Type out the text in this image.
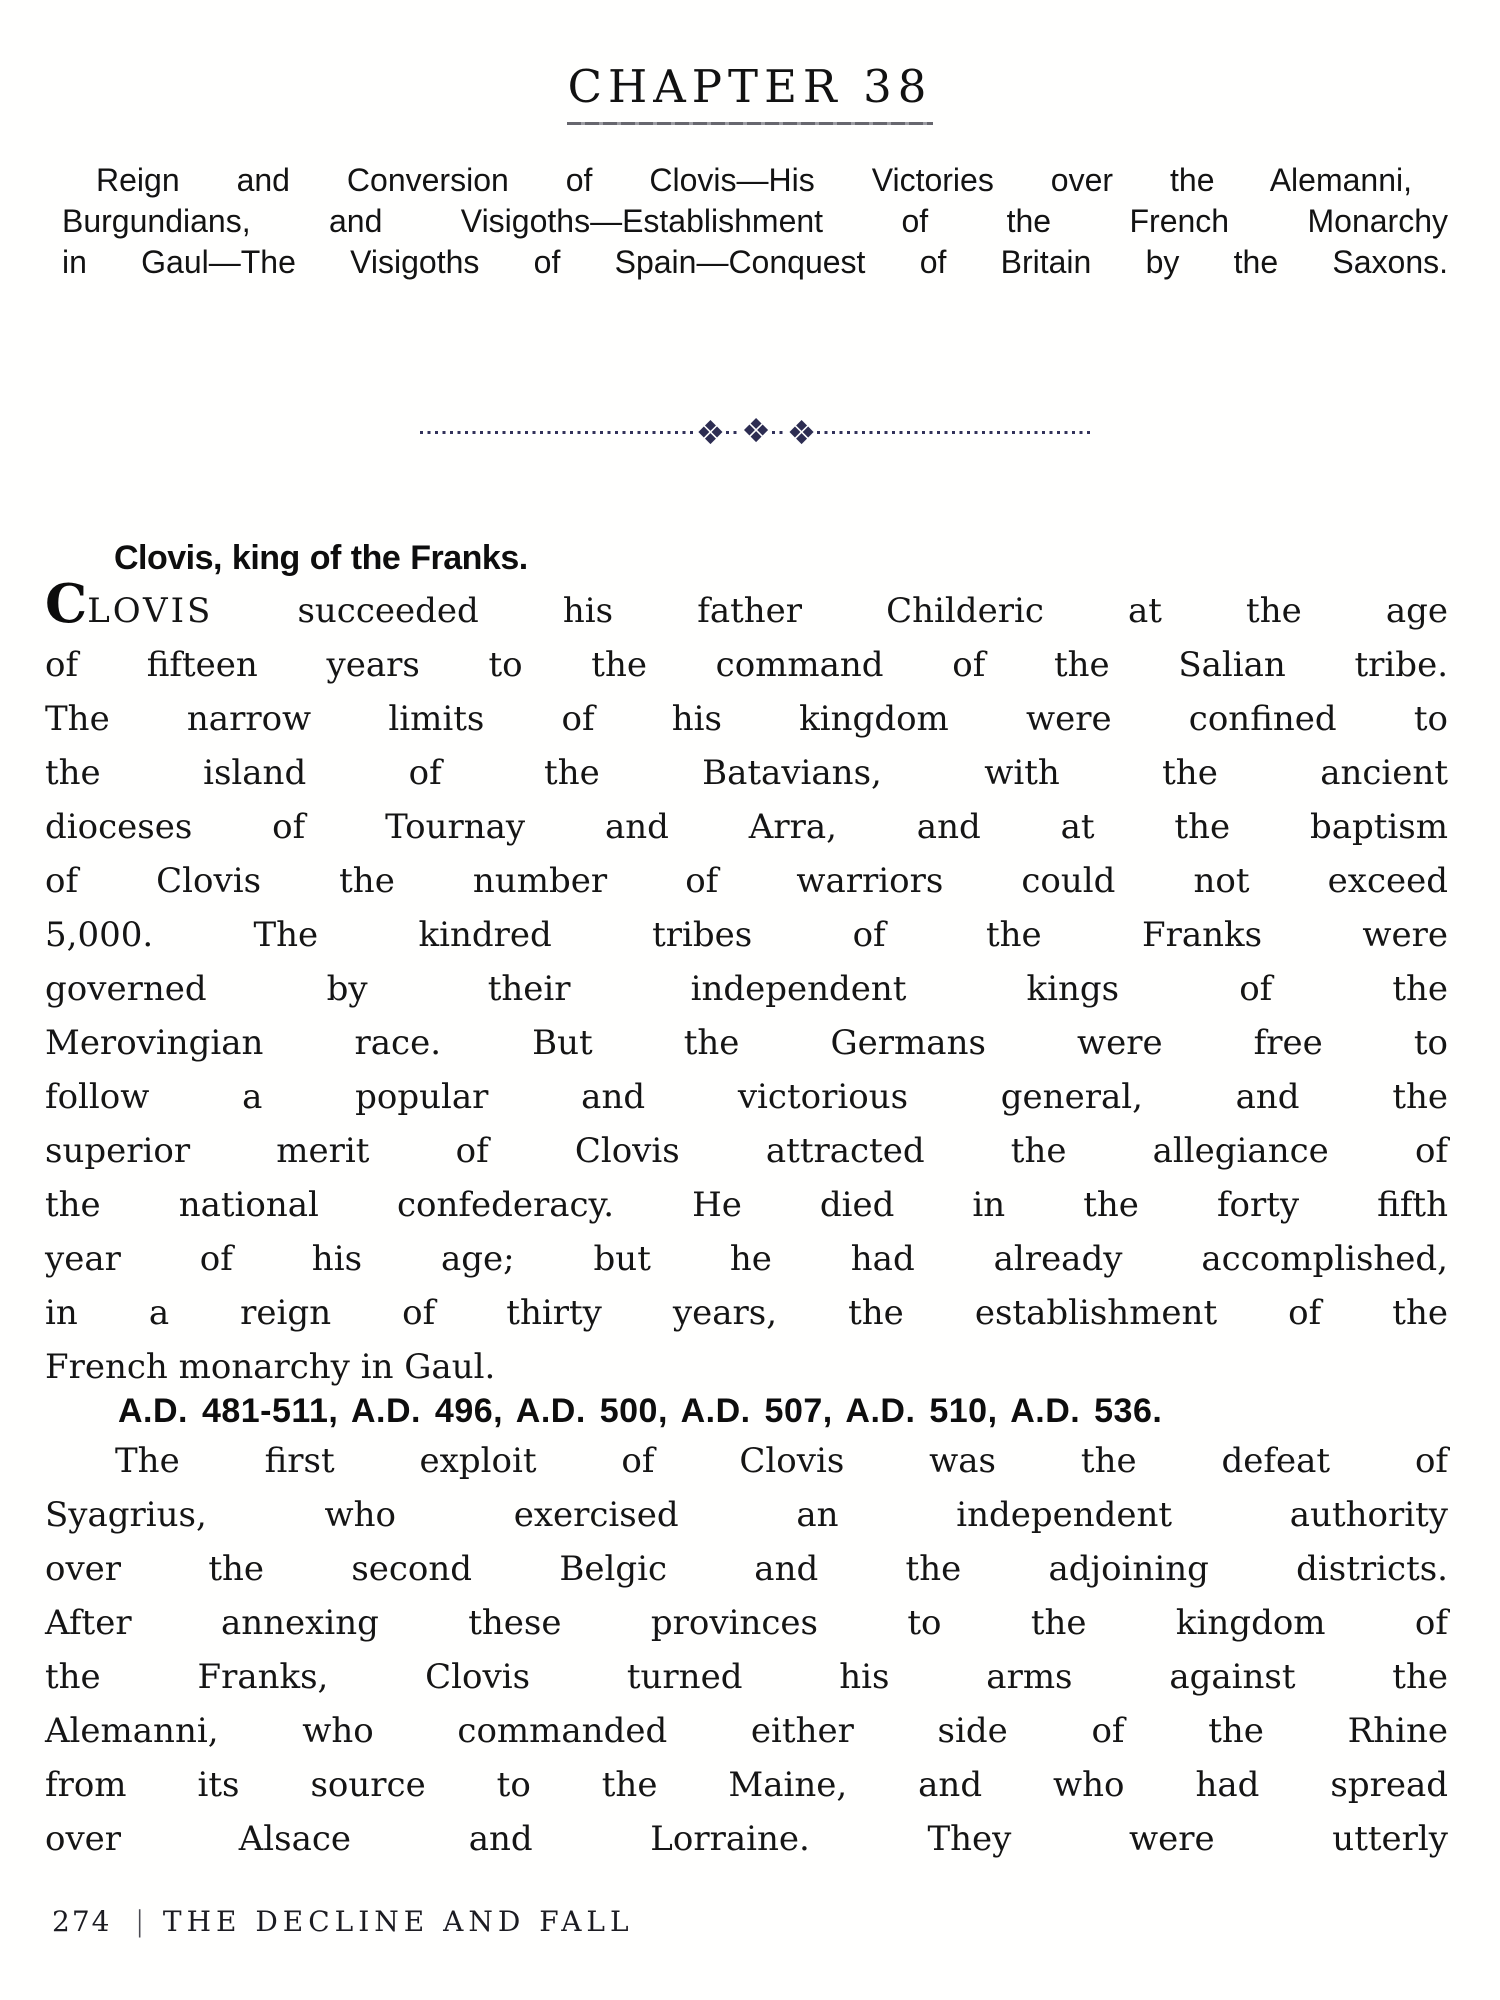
CHAPTER 38
Reign and Conversion of Clovis—His Victories over the Alemanni,
Burgundians, and Visigoths—Establishment of the French Monarchy
in Gaul—The Visigoths of Spain—Conquest of Britain by the Saxons.
❖ ❖ ❖
Clovis, king of the Franks.
CLOVIS succeeded his father Childeric at the age
of fifteen years to the command of the Salian tribe.
The narrow limits of his kingdom were confined to
the island of the Batavians, with the ancient
dioceses of Tournay and Arra, and at the baptism
of Clovis the number of warriors could not exceed
5,000. The kindred tribes of the Franks were
governed by their independent kings of the
Merovingian race. But the Germans were free to
follow a popular and victorious general, and the
superior merit of Clovis attracted the allegiance of
the national confederacy. He died in the forty fifth
year of his age; but he had already accomplished,
in a reign of thirty years, the establishment of the
French monarchy in Gaul.
A.D. 481-511, A.D. 496, A.D. 500, A.D. 507, A.D. 510, A.D. 536.
The first exploit of Clovis was the defeat of
Syagrius, who exercised an independent authority
over the second Belgic and the adjoining districts.
After annexing these provinces to the kingdom of
the Franks, Clovis turned his arms against the
Alemanni, who commanded either side of the Rhine
from its source to the Maine, and who had spread
over Alsace and Lorraine. They were utterly
274 | THE DECLINE AND FALL
